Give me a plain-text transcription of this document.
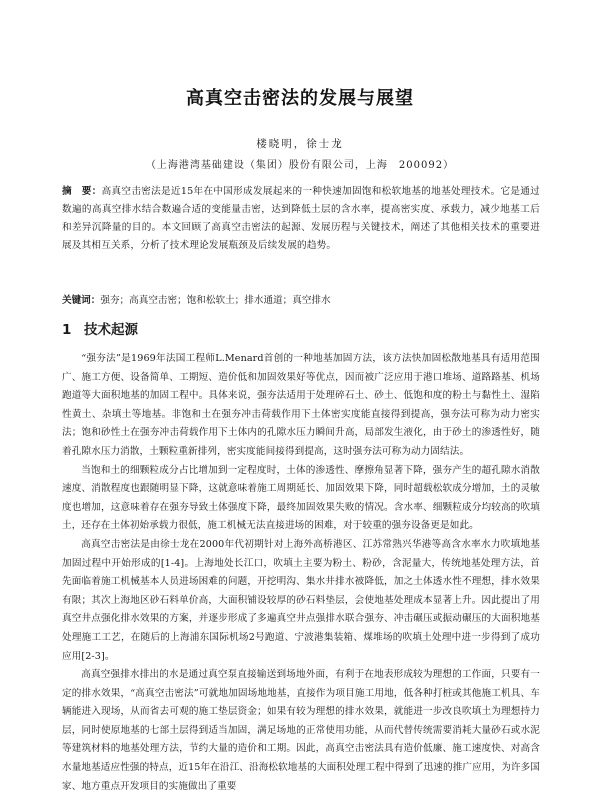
高真空击密法的发展与展望
楼晓明，徐士龙
（上海港湾基础建设（集团）股份有限公司，上海　200092）
摘　要：高真空击密法是近15年在中国形成发展起来的一种快速加固饱和松软地基的地基处理技术。它是通过数遍的高真空排水结合数遍合适的变能量击密，达到降低土层的含水率，提高密实度、承载力，减少地基工后和差异沉降量的目的。本文回顾了高真空击密法的起源、发展历程与关键技术，阐述了其他相关技术的重要进展及其相互关系，分析了技术理论发展瓶颈及后续发展的趋势。
关键词：强夯；高真空击密；饱和松软土；排水通道；真空排水
1 技术起源

“强夯法”是1969年法国工程师L.Menard首创的一种地基加固方法，该方法快加固松散地基具有适用范围广、施工方便、设备简单、工期短、造价低和加固效果好等优点，因而被广泛应用于港口堆场、道路路基、机场跑道等大面积地基的加固工程中。具体来说，强夯法适用于处理碎石土、砂土、低饱和度的粉土与黏性土、湿陷性黄土、杂填土等地基。非饱和土在强夯冲击荷载作用下土体密实度能直接得到提高，强夯法可称为动力密实法；饱和砂性土在强夯冲击荷载作用下土体内的孔隙水压力瞬间升高，局部发生液化，由于砂土的渗透性好，随着孔隙水压力消散，土颗粒重新排列，密实度能间接得到提高，这时强夯法可称为动力固结法。

当饱和土的细颗粒成分占比增加到一定程度时，土体的渗透性、摩擦角显著下降，强夯产生的超孔隙水消散速度、消散程度也跟随明显下降，这就意味着施工周期延长、加固效果下降，同时超载松软成分增加，土的灵敏度也增加，这意味着存在强夯导致土体强度下降，最终加固效果失败的情况。含水率、细颗粒成分均较高的吹填土，还存在土体初始承载力很低，施工机械无法直接进场的困难，对于较重的强夯设备更是如此。

高真空击密法是由徐士龙在2000年代初期针对上海外高桥港区、江苏常熟兴华港等高含水率水力吹填地基加固过程中开始形成的[1-4]。上海地处长江口，吹填土主要为粉土、粉砂，含泥量大，传统地基处理方法，首先面临着施工机械基本人员进场困难的问题，开挖明沟、集水井排水被降低，加之土体透水性不理想，排水效果有限；其次上海地区砂石料单价高，大面积铺设较厚的砂石料垫层，会使地基处理成本显著上升。因此提出了用真空井点强化排水效果的方案，并逐步形成了多遍真空井点强排水联合强夯、冲击碾压或振动碾压的大面积地基处理施工工艺，在随后的上海浦东国际机场2号跑道、宁波港集装箱、煤堆场的吹填土处理中进一步得到了成功应用[2-3]。

高真空强排水排出的水是通过真空泵直接输送到场地外面，有利于在地表形成较为理想的工作面，只要有一定的排水效果，“高真空击密法”可就地加固场地地基，直接作为项目施工用地，低各种打桩或其他施工机具、车辆能进入现场，从而省去可观的施工垫层资金；如果有较为理想的排水效果，就能进一步改良吹填土为理想持力层，同时使原地基的七部土层得到适当加固，满足场地的正常使用功能，从而代替传统需要消耗大量砂石或水泥等建筑材料的地基处理方法，节约大量的造价和工期。因此，高真空击密法具有造价低廉、施工速度快、对高含水量地基适应性强的特点，近15年在沿江、沿海松软地基的大面积处理工程中得到了迅速的推广应用，为许多国家、地方重点开发项目的实施做出了重要
